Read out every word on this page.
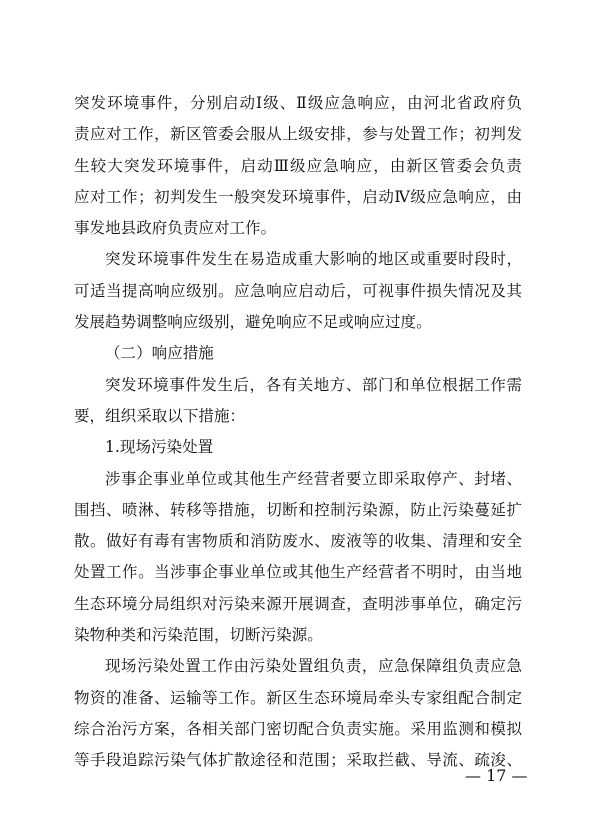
突发环境事件，分别启动Ⅰ级、Ⅱ级应急响应，由河北省政府负
责应对工作，新区管委会服从上级安排，参与处置工作；初判发
生较大突发环境事件，启动Ⅲ级应急响应，由新区管委会负责
应对工作；初判发生一般突发环境事件，启动Ⅳ级应急响应，由
事发地县政府负责应对工作。
突发环境事件发生在易造成重大影响的地区或重要时段时，
可适当提高响应级别。应急响应启动后，可视事件损失情况及其
发展趋势调整响应级别，避免响应不足或响应过度。
（二）响应措施
突发环境事件发生后，各有关地方、部门和单位根据工作需
要，组织采取以下措施：
1.现场污染处置
涉事企事业单位或其他生产经营者要立即采取停产、封堵、
围挡、喷淋、转移等措施，切断和控制污染源，防止污染蔓延扩
散。做好有毒有害物质和消防废水、废液等的收集、清理和安全
处置工作。当涉事企事业单位或其他生产经营者不明时，由当地
生态环境分局组织对污染来源开展调查，查明涉事单位，确定污
染物种类和污染范围，切断污染源。
现场污染处置工作由污染处置组负责，应急保障组负责应急
物资的准备、运输等工作。新区生态环境局牵头专家组配合制定
综合治污方案，各相关部门密切配合负责实施。采用监测和模拟
等手段追踪污染气体扩散途径和范围；采取拦截、导流、疏浚、
— 17 —
